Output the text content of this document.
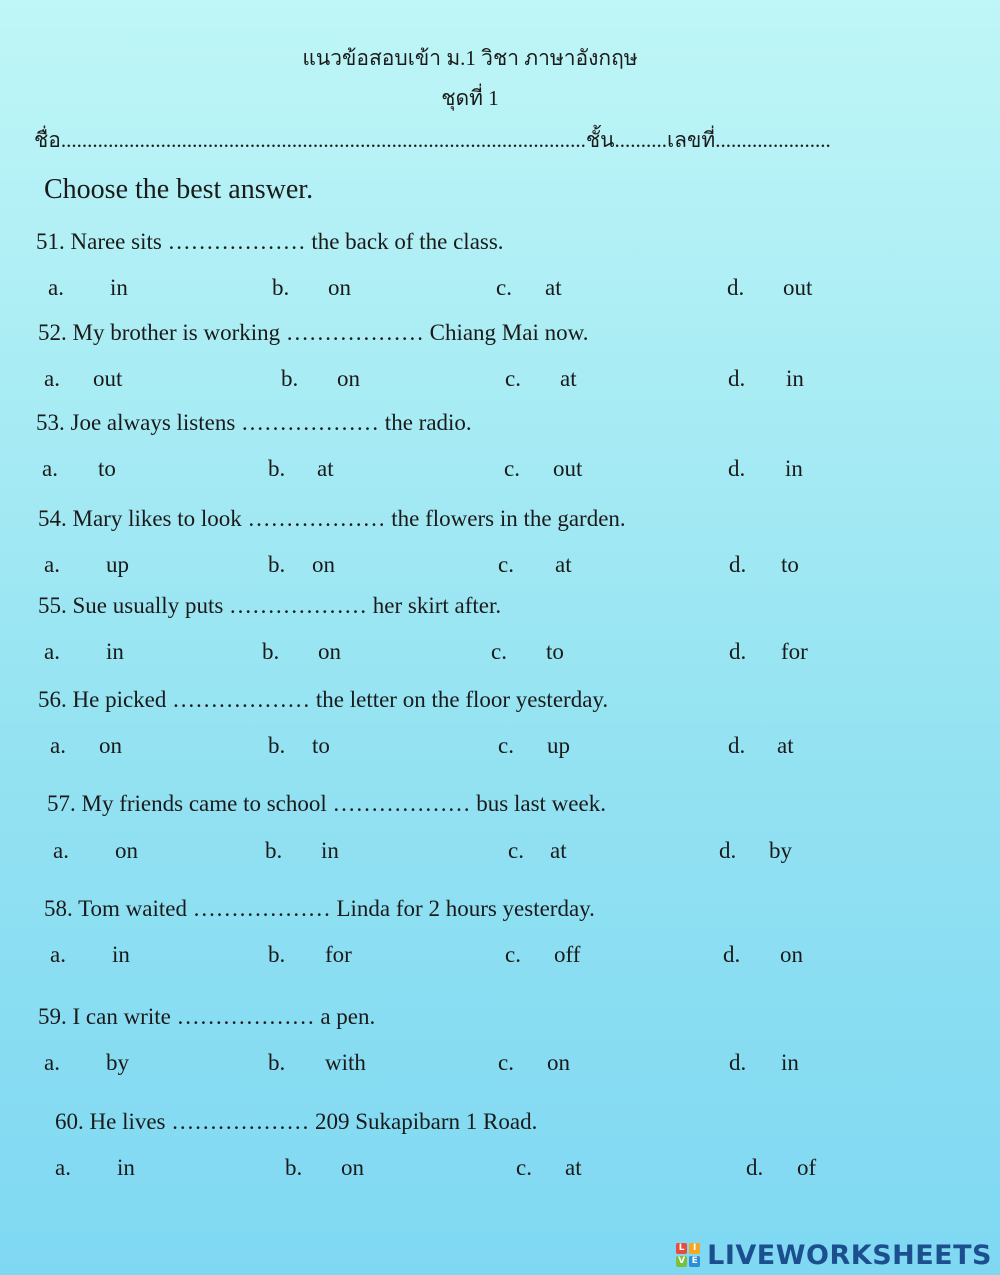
แนวข้อสอบเข้า ม.1 วิชา ภาษาอังกฤษ
ชุดที่ 1
ชื่อ....................................................................................................ชั้น..........เลขที่......................
Choose the best answer.
51. Naree sits ……………… the back of the class.
a. in	b. on	c. at	d. out
52. My brother is working ……………… Chiang Mai now.
a. out	b. on	c. at	d. in
53. Joe always listens ……………… the radio.
a. to	b. at	c. out	d. in
54. Mary likes to look ……………… the flowers in the garden.
a. up	b. on	c. at	d. to
55. Sue usually puts ……………… her skirt after.
a. in	b. on	c. to	d. for
56. He picked ……………… the letter on the floor yesterday.
a. on	b. to	c. up	d. at
57. My friends came to school ……………… bus last week.
a. on	b. in	c. at	d. by
58. Tom waited ……………… Linda for 2 hours yesterday.
a. in	b. for	c. off	d. on
59. I can write ……………… a pen.
a. by	b. with	c. on	d. in
60. He lives ……………… 209 Sukapibarn 1 Road.
a. in	b. on	c. at	d. of
L I
V E LIVEWORKSHEETS
